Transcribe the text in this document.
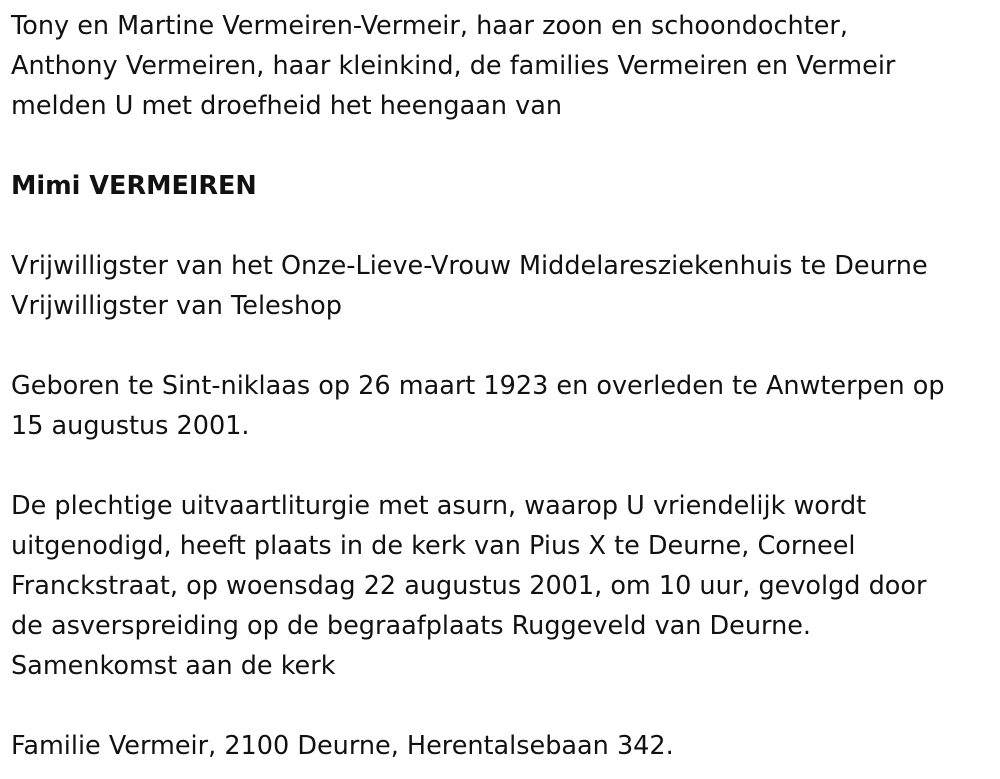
Tony en Martine Vermeiren-Vermeir, haar zoon en schoondochter,
Anthony Vermeiren, haar kleinkind, de families Vermeiren en Vermeir
melden U met droefheid het heengaan van
Mimi VERMEIREN
Vrijwilligster van het Onze-Lieve-Vrouw Middelaresziekenhuis te Deurne
Vrijwilligster van Teleshop
Geboren te Sint-niklaas op 26 maart 1923 en overleden te Anwterpen op
15 augustus 2001.
De plechtige uitvaartliturgie met asurn, waarop U vriendelijk wordt
uitgenodigd, heeft plaats in de kerk van Pius X te Deurne, Corneel
Franckstraat, op woensdag 22 augustus 2001, om 10 uur, gevolgd door
de asverspreiding op de begraafplaats Ruggeveld van Deurne.
Samenkomst aan de kerk
Familie Vermeir, 2100 Deurne, Herentalsebaan 342.
